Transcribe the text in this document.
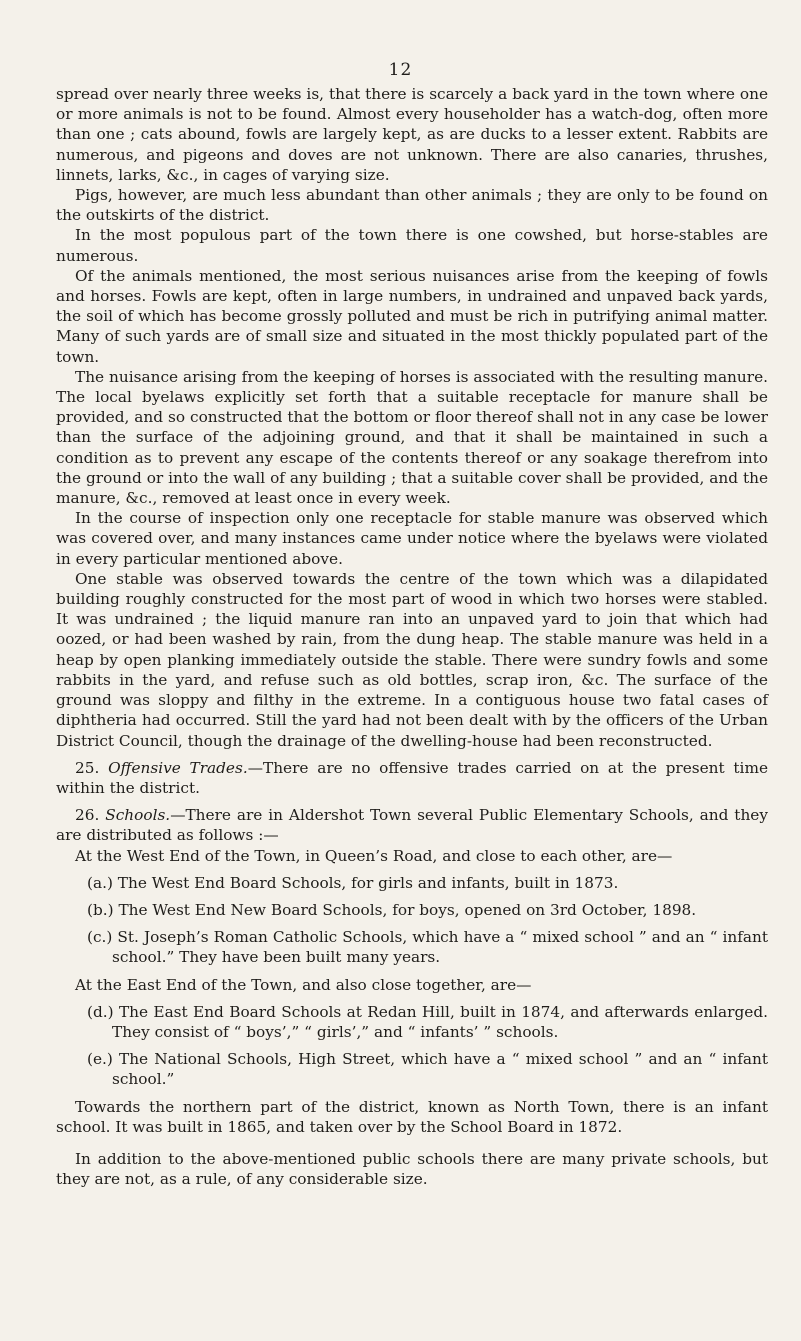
12

spread over nearly three weeks is, that there is scarcely a back yard in the town where one or more animals is not to be found. Almost every householder has a watch-dog, often more than one ; cats abound, fowls are largely kept, as are ducks to a lesser extent. Rabbits are numerous, and pigeons and doves are not unknown. There are also canaries, thrushes, linnets, larks, &c., in cages of varying size.

Pigs, however, are much less abundant than other animals ; they are only to be found on the outskirts of the district.

In the most populous part of the town there is one cowshed, but horse-stables are numerous.

Of the animals mentioned, the most serious nuisances arise from the keeping of fowls and horses. Fowls are kept, often in large numbers, in undrained and unpaved back yards, the soil of which has become grossly polluted and must be rich in putrifying animal matter. Many of such yards are of small size and situated in the most thickly populated part of the town.

The nuisance arising from the keeping of horses is associated with the resulting manure. The local byelaws explicitly set forth that a suitable receptacle for manure shall be provided, and so constructed that the bottom or floor thereof shall not in any case be lower than the surface of the adjoining ground, and that it shall be maintained in such a condition as to prevent any escape of the contents thereof or any soakage therefrom into the ground or into the wall of any building ; that a suitable cover shall be provided, and the manure, &c., removed at least once in every week.

In the course of inspection only one receptacle for stable manure was observed which was covered over, and many instances came under notice where the byelaws were violated in every particular mentioned above.

One stable was observed towards the centre of the town which was a dilapidated building roughly constructed for the most part of wood in which two horses were stabled. It was undrained ; the liquid manure ran into an unpaved yard to join that which had oozed, or had been washed by rain, from the dung heap. The stable manure was held in a heap by open planking immediately outside the stable. There were sundry fowls and some rabbits in the yard, and refuse such as old bottles, scrap iron, &c. The surface of the ground was sloppy and filthy in the extreme. In a contiguous house two fatal cases of diphtheria had occurred. Still the yard had not been dealt with by the officers of the Urban District Council, though the drainage of the dwelling-house had been reconstructed.

25. Offensive Trades.—There are no offensive trades carried on at the present time within the district.

26. Schools.—There are in Aldershot Town several Public Elementary Schools, and they are distributed as follows :—

At the West End of the Town, in Queen’s Road, and close to each other, are—

(a.) The West End Board Schools, for girls and infants, built in 1873.

(b.) The West End New Board Schools, for boys, opened on 3rd October, 1898.

(c.) St. Joseph’s Roman Catholic Schools, which have a “ mixed school ” and an “ infant school.” They have been built many years.

At the East End of the Town, and also close together, are—

(d.) The East End Board Schools at Redan Hill, built in 1874, and afterwards enlarged. They consist of “ boys’,” “ girls’,” and “ infants’ ” schools.

(e.) The National Schools, High Street, which have a “ mixed school ” and an “ infant school.”

Towards the northern part of the district, known as North Town, there is an infant school. It was built in 1865, and taken over by the School Board in 1872.

In addition to the above-mentioned public schools there are many private schools, but they are not, as a rule, of any considerable size.
